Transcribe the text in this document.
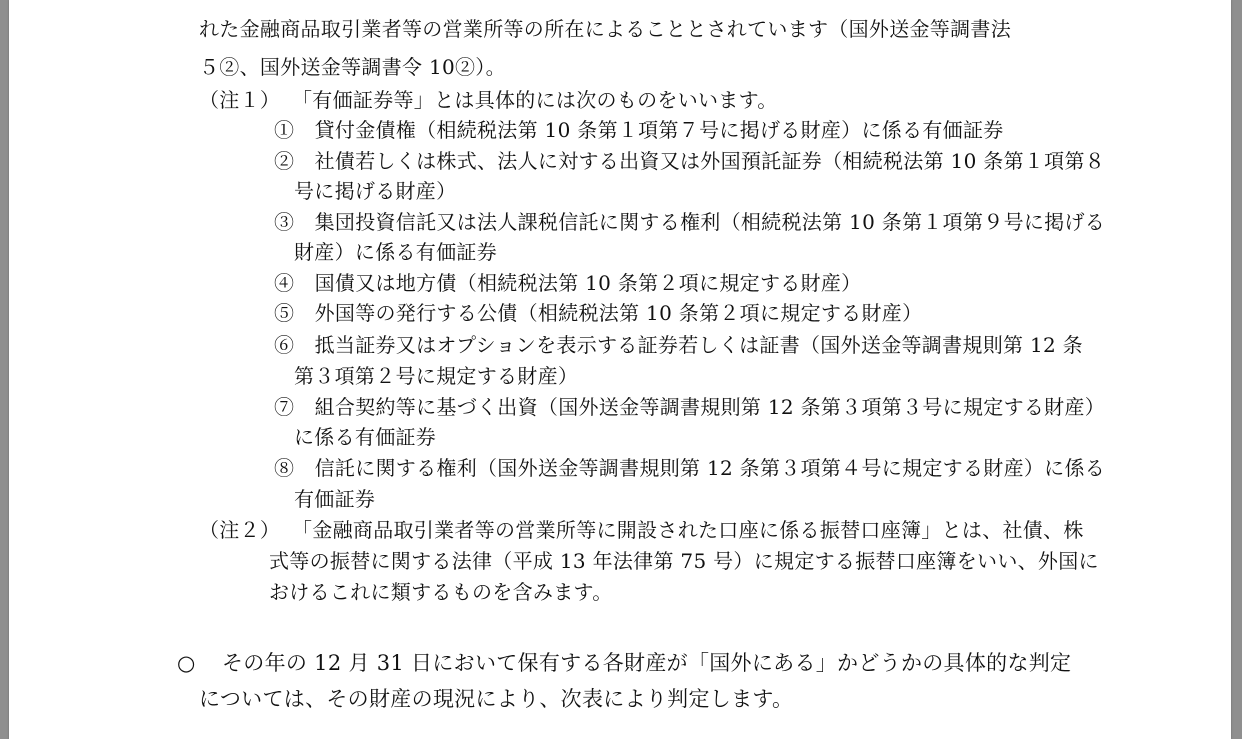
れた金融商品取引業者等の営業所等の所在によることとされています（国外送金等調書法
５②、国外送金等調書令 10②）。
（注１） 「有価証券等」とは具体的には次のものをいいます。
①　貸付金債権（相続税法第 10 条第１項第７号に掲げる財産）に係る有価証券
②　社債若しくは株式、法人に対する出資又は外国預託証券（相続税法第 10 条第１項第８
号に掲げる財産）
③　集団投資信託又は法人課税信託に関する権利（相続税法第 10 条第１項第９号に掲げる
財産）に係る有価証券
④　国債又は地方債（相続税法第 10 条第２項に規定する財産）
⑤　外国等の発行する公債（相続税法第 10 条第２項に規定する財産）
⑥　抵当証券又はオプションを表示する証券若しくは証書（国外送金等調書規則第 12 条
第３項第２号に規定する財産）
⑦　組合契約等に基づく出資（国外送金等調書規則第 12 条第３項第３号に規定する財産）
に係る有価証券
⑧　信託に関する権利（国外送金等調書規則第 12 条第３項第４号に規定する財産）に係る
有価証券
（注２） 「金融商品取引業者等の営業所等に開設された口座に係る振替口座簿」とは、社債、株
式等の振替に関する法律（平成 13 年法律第 75 号）に規定する振替口座簿をいい、外国に
おけるこれに類するものを含みます。
○ その年の 12 月 31 日において保有する各財産が「国外にある」かどうかの具体的な判定
については、その財産の現況により、次表により判定します。
